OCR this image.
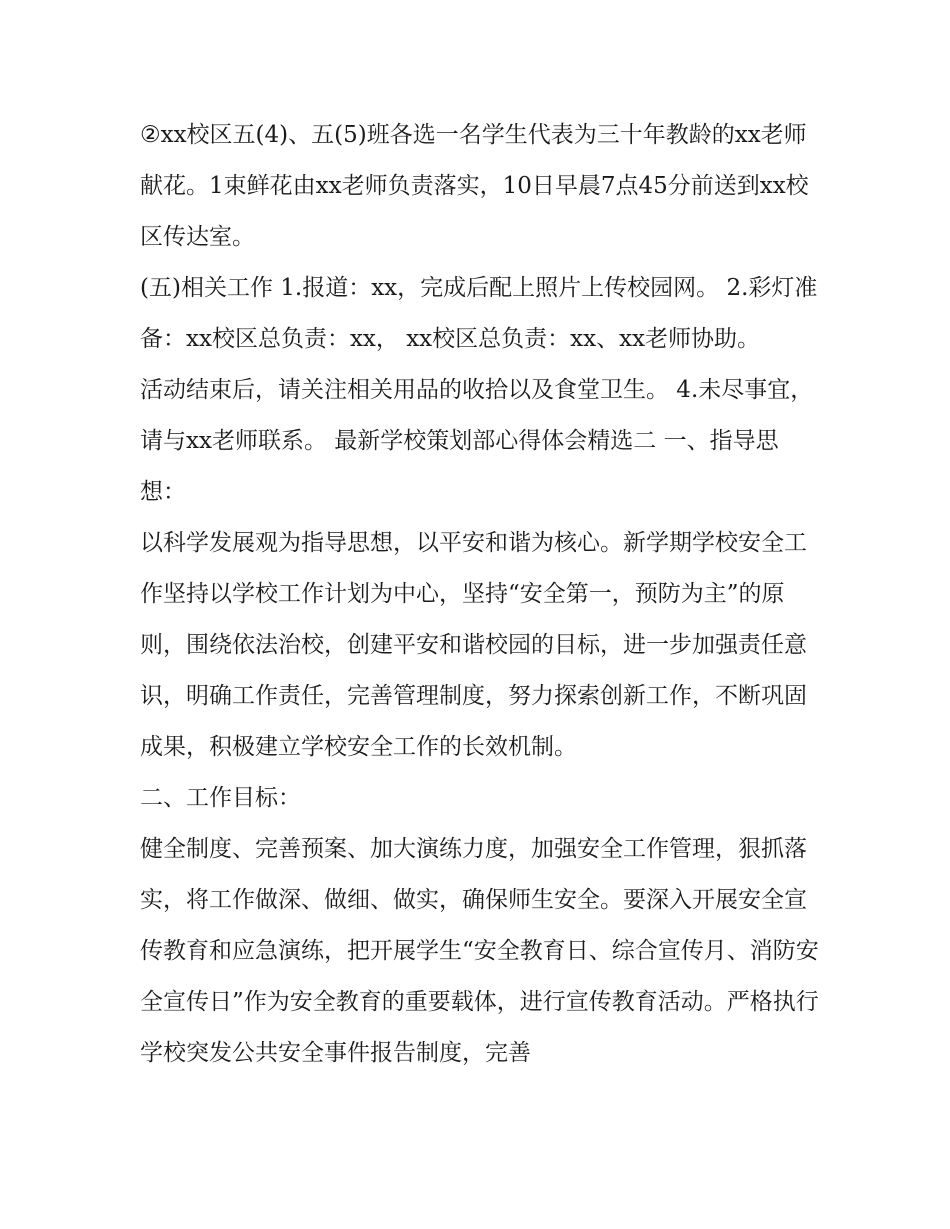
②xx校区五(4)、五(5)班各选一名学生代表为三十年教龄的xx老师献花。1束鲜花由xx老师负责落实，10日早晨7点45分前送到xx校区传达室。

(五)相关工作 1.报道：xx，完成后配上照片上传校园网。 2.彩灯准备：xx校区总负责：xx， xx校区总负责：xx、xx老师协助。

活动结束后，请关注相关用品的收拾以及食堂卫生。 4.未尽事宜，请与xx老师联系。 最新学校策划部心得体会精选二 一、指导思想：

以科学发展观为指导思想，以平安和谐为核心。新学期学校安全工作坚持以学校工作计划为中心，坚持“安全第一，预防为主”的原则，围绕依法治校，创建平安和谐校园的目标，进一步加强责任意识，明确工作责任，完善管理制度，努力探索创新工作，不断巩固成果，积极建立学校安全工作的长效机制。

二、工作目标：

健全制度、完善预案、加大演练力度，加强安全工作管理，狠抓落实，将工作做深、做细、做实，确保师生安全。要深入开展安全宣传教育和应急演练，把开展学生“安全教育日、综合宣传月、消防安全宣传日”作为安全教育的重要载体，进行宣传教育活动。严格执行学校突发公共安全事件报告制度，完善
